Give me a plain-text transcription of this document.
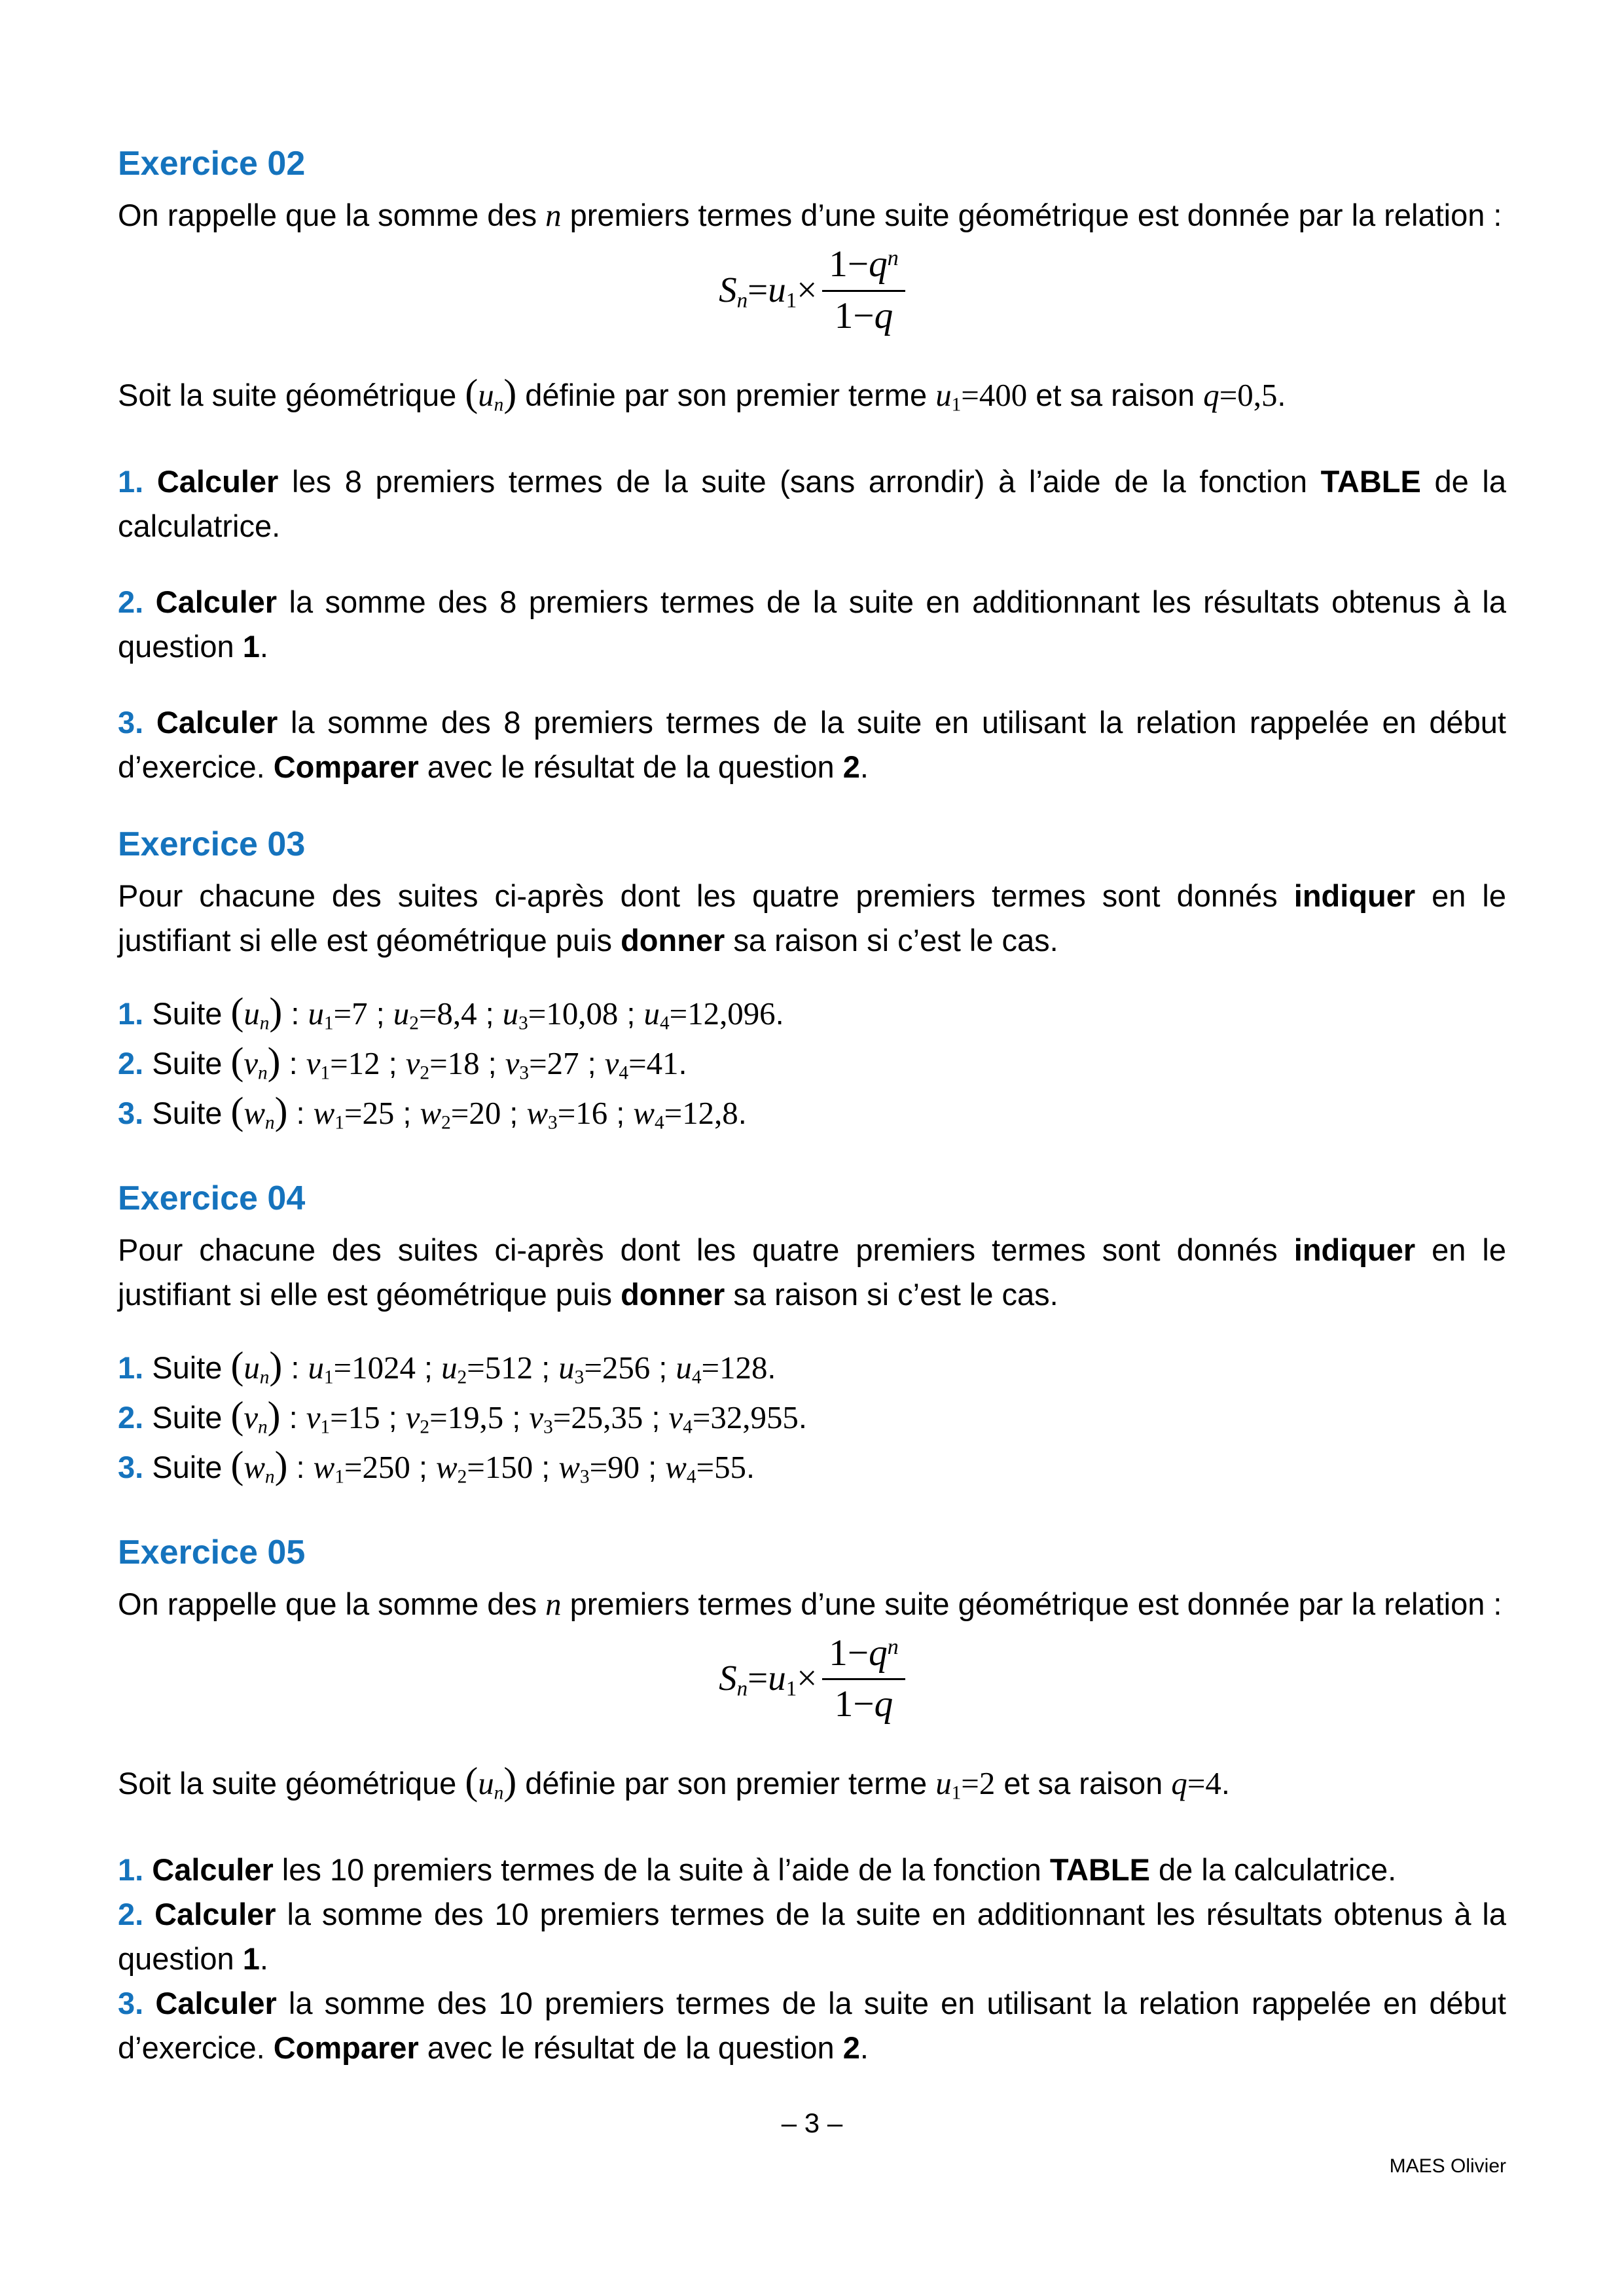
Exercice 02

On rappelle que la somme des n premiers termes d’une suite géométrique est donnée par la relation :

$S_n=u_1\times \frac{1-q^n}{1-q}$

Soit la suite géométrique $(u_n)$ définie par son premier terme $u_1=400$ et sa raison q=0,5.

1. Calculer les 8 premiers termes de la suite (sans arrondir) à l’aide de la fonction TABLE de la calculatrice.

2. Calculer la somme des 8 premiers termes de la suite en additionnant les résultats obtenus à la question 1.

3. Calculer la somme des 8 premiers termes de la suite en utilisant la relation rappelée en début d’exercice. Comparer avec le résultat de la question 2.

Exercice 03

Pour chacune des suites ci-après dont les quatre premiers termes sont donnés indiquer en le justifiant si elle est géométrique puis donner sa raison si c’est le cas.

1. Suite $(u_n)$ : $u_1=7$ ; $u_2=8,4$ ; $u_3=10,08$ ; $u_4=12,096$.

2. Suite $(v_n)$ : $v_1=12$ ; $v_2=18$ ; $v_3=27$ ; $v_4=41$.

3. Suite $(w_n)$ : $w_1=25$ ; $w_2=20$ ; $w_3=16$ ; $w_4=12,8$.

Exercice 04

Pour chacune des suites ci-après dont les quatre premiers termes sont donnés indiquer en le justifiant si elle est géométrique puis donner sa raison si c’est le cas.

1. Suite $(u_n)$ : $u_1=1024$ ; $u_2=512$ ; $u_3=256$ ; $u_4=128$.

2. Suite $(v_n)$ : $v_1=15$ ; $v_2=19,5$ ; $v_3=25,35$ ; $v_4=32,955$.

3. Suite $(w_n)$ : $w_1=250$ ; $w_2=150$ ; $w_3=90$ ; $w_4=55$.

Exercice 05

On rappelle que la somme des n premiers termes d’une suite géométrique est donnée par la relation :

$S_n=u_1\times \frac{1-q^n}{1-q}$

Soit la suite géométrique $(u_n)$ définie par son premier terme $u_1=2$ et sa raison q=4.

1. Calculer les 10 premiers termes de la suite à l’aide de la fonction TABLE de la calculatrice.

2. Calculer la somme des 10 premiers termes de la suite en additionnant les résultats obtenus à la question 1.

3. Calculer la somme des 10 premiers termes de la suite en utilisant la relation rappelée en début d’exercice. Comparer avec le résultat de la question 2.

– 3 –
MAES Olivier
